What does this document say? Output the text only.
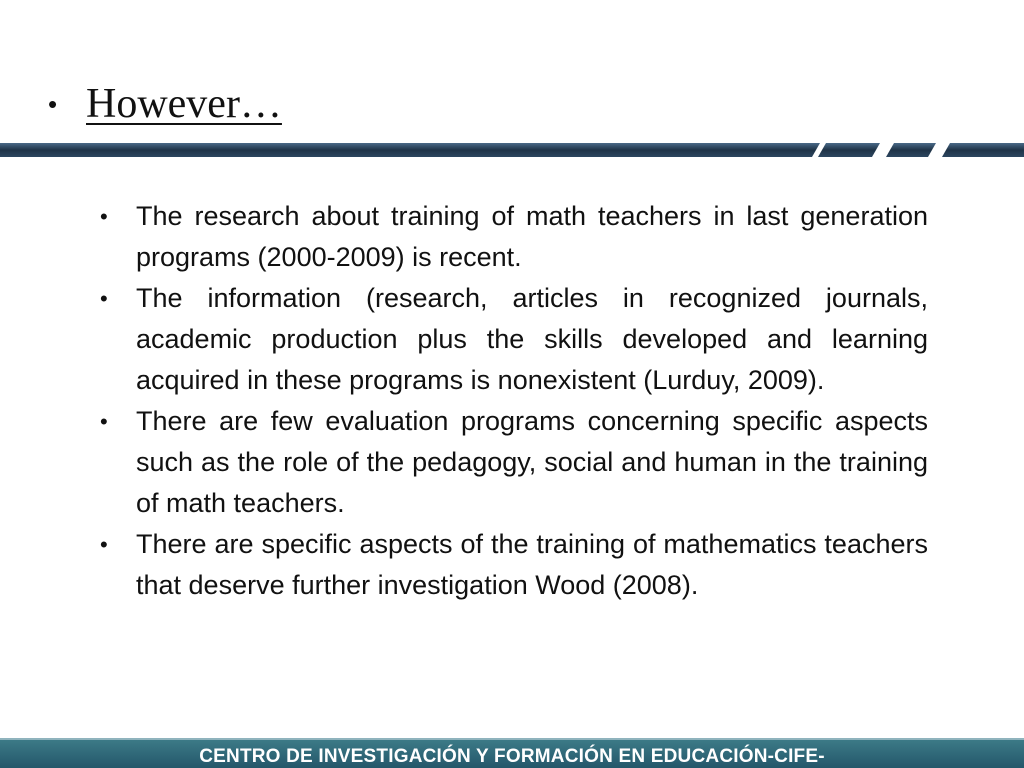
• However…
• The research about training of math teachers in last generation programs (2000-2009) is recent.
• The information (research, articles in recognized journals, academic production plus the skills developed and learning acquired in these programs is nonexistent (Lurduy, 2009).
• There are few evaluation programs concerning specific aspects such as the role of the pedagogy, social and human in the training of math teachers.
• There are specific aspects of the training of mathematics teachers that deserve further investigation Wood (2008).
CENTRO DE INVESTIGACIÓN Y FORMACIÓN EN EDUCACIÓN-CIFE-
